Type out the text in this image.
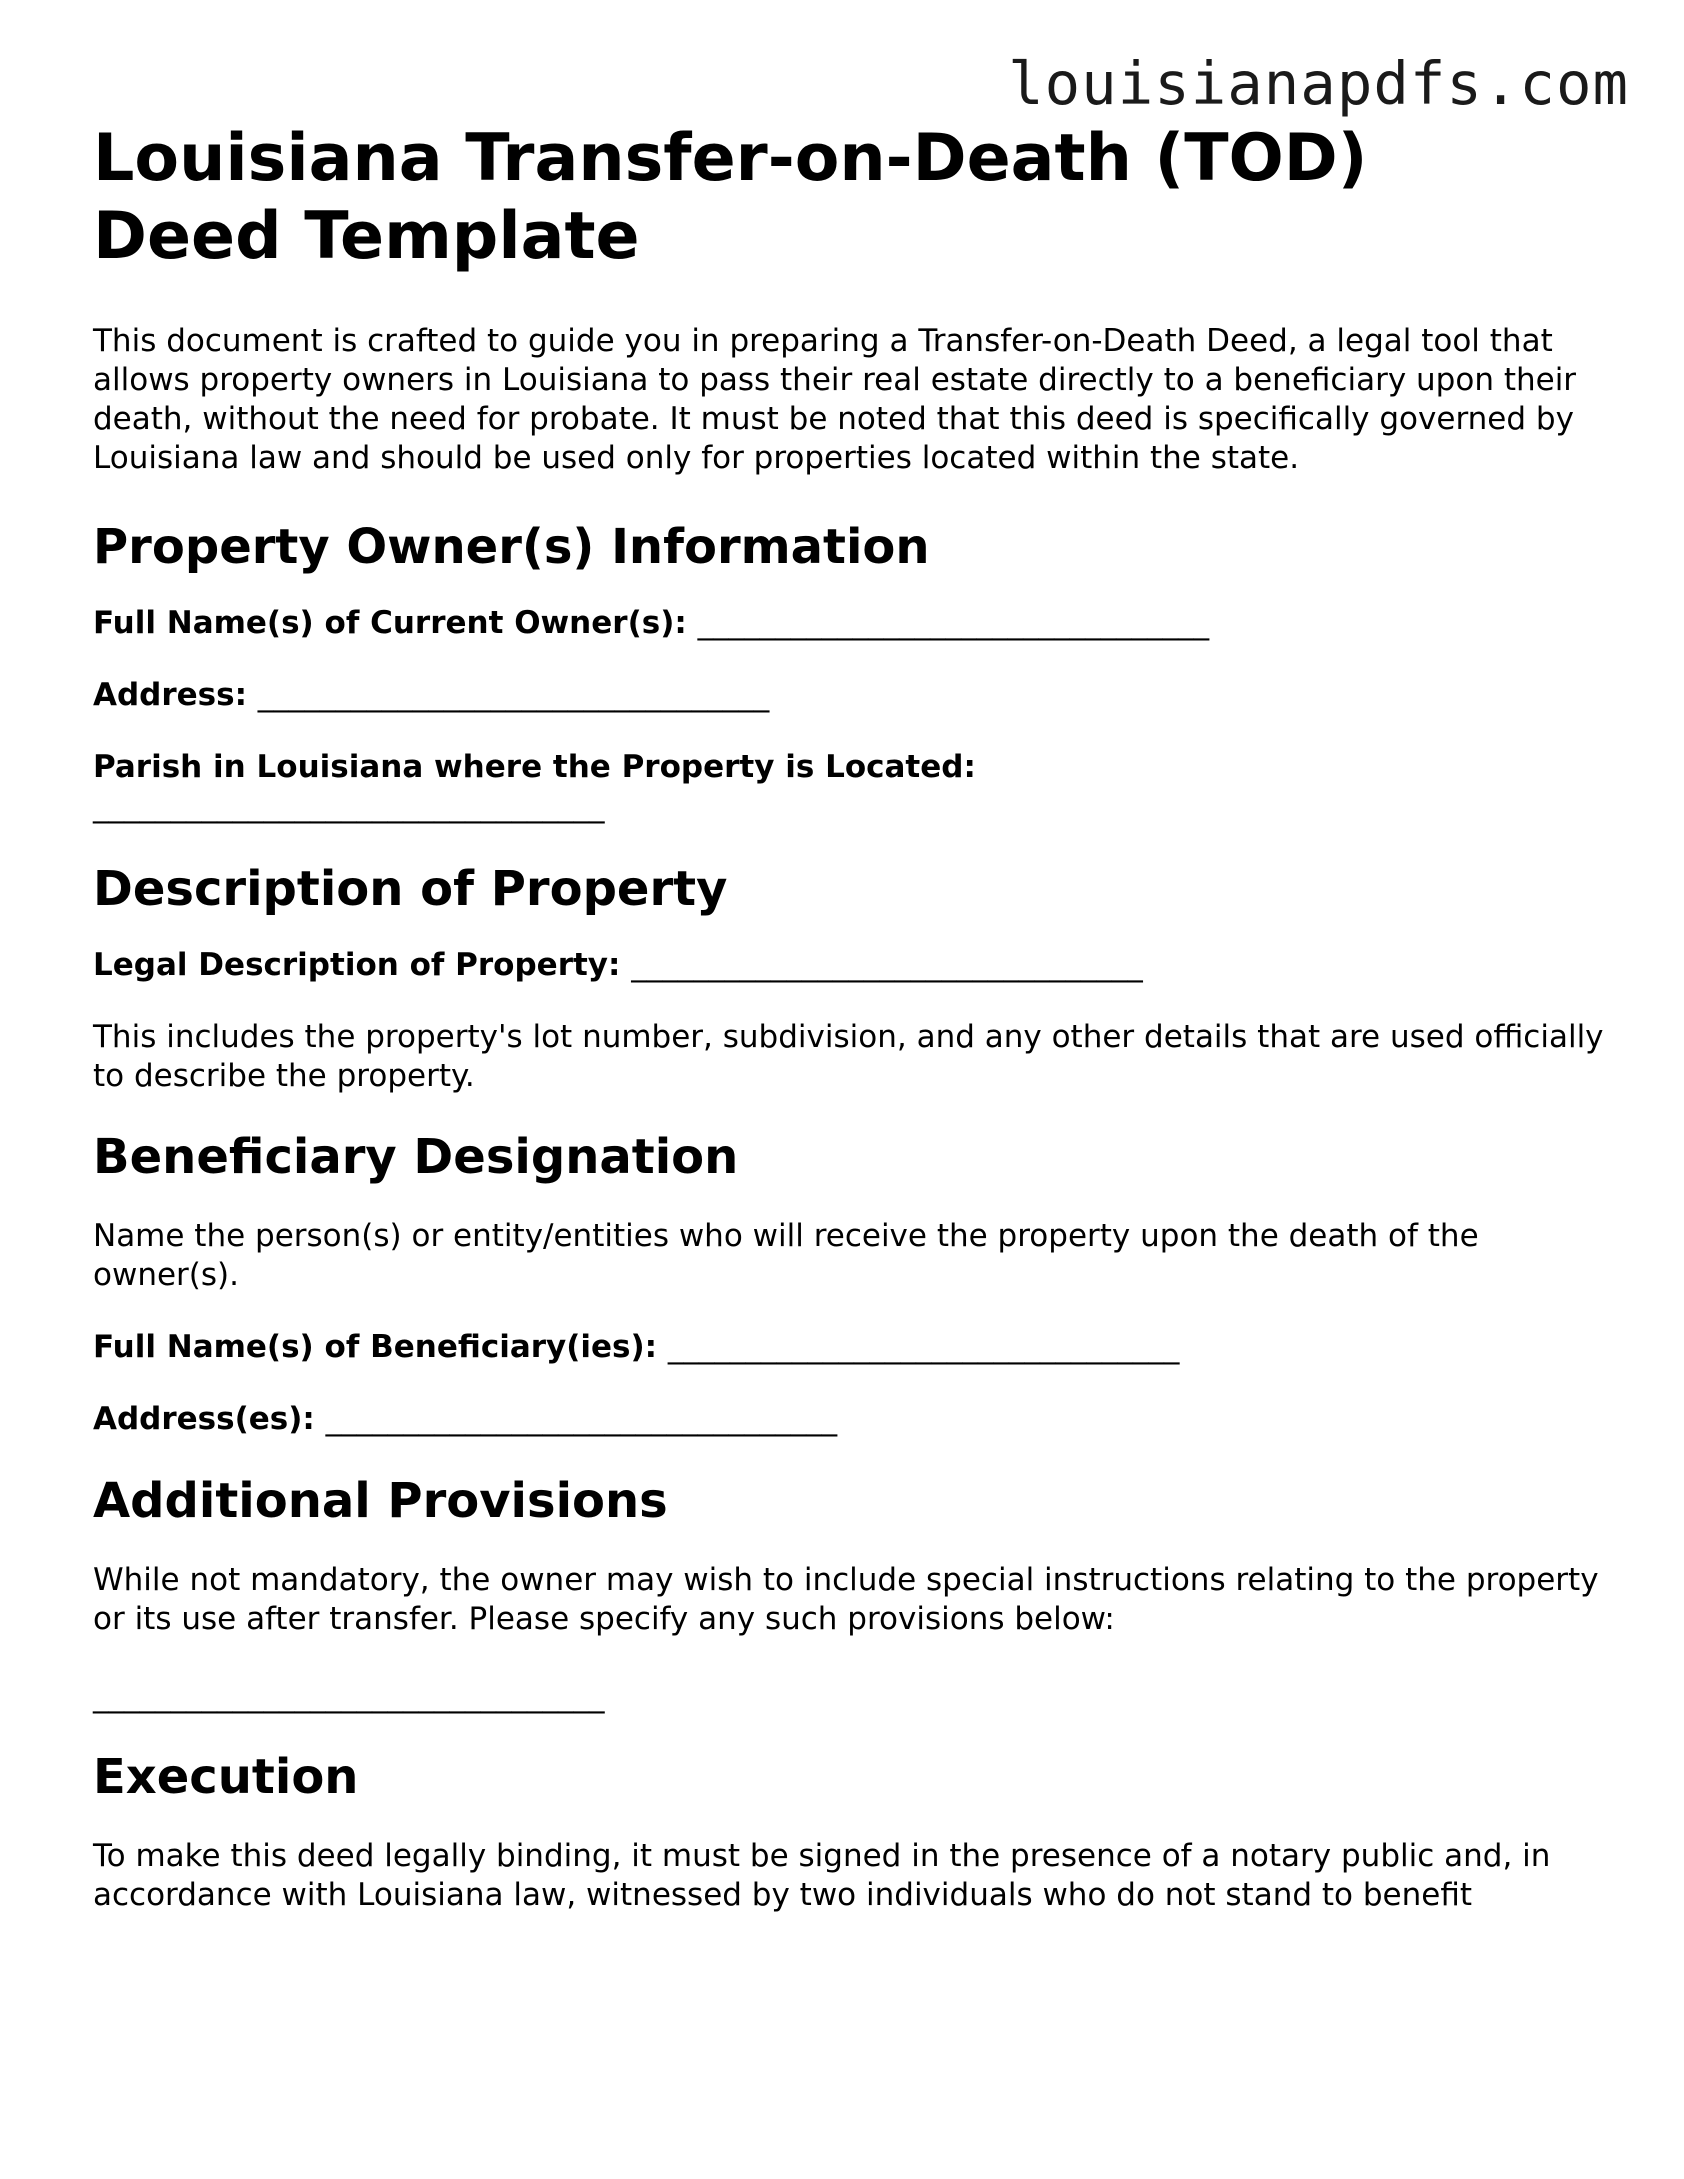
louisianapdfs.com
Louisiana Transfer-on-Death (TOD) Deed Template

This document is crafted to guide you in preparing a Transfer-on-Death Deed, a legal tool that allows property owners in Louisiana to pass their real estate directly to a beneficiary upon their death, without the need for probate. It must be noted that this deed is specifically governed by Louisiana law and should be used only for properties located within the state.

Property Owner(s) Information
Full Name(s) of Current Owner(s): _________________________________
Address: _________________________________
Parish in Louisiana where the Property is Located:
_________________________________
Description of Property
Legal Description of Property: _________________________________

This includes the property's lot number, subdivision, and any other details that are used officially to describe the property.

Beneficiary Designation

Name the person(s) or entity/entities who will receive the property upon the death of the owner(s).

Full Name(s) of Beneficiary(ies): _________________________________
Address(es): _________________________________
Additional Provisions

While not mandatory, the owner may wish to include special instructions relating to the property or its use after transfer. Please specify any such provisions below:

_________________________________
Execution

To make this deed legally binding, it must be signed in the presence of a notary public and, in accordance with Louisiana law, witnessed by two individuals who do not stand to benefit
